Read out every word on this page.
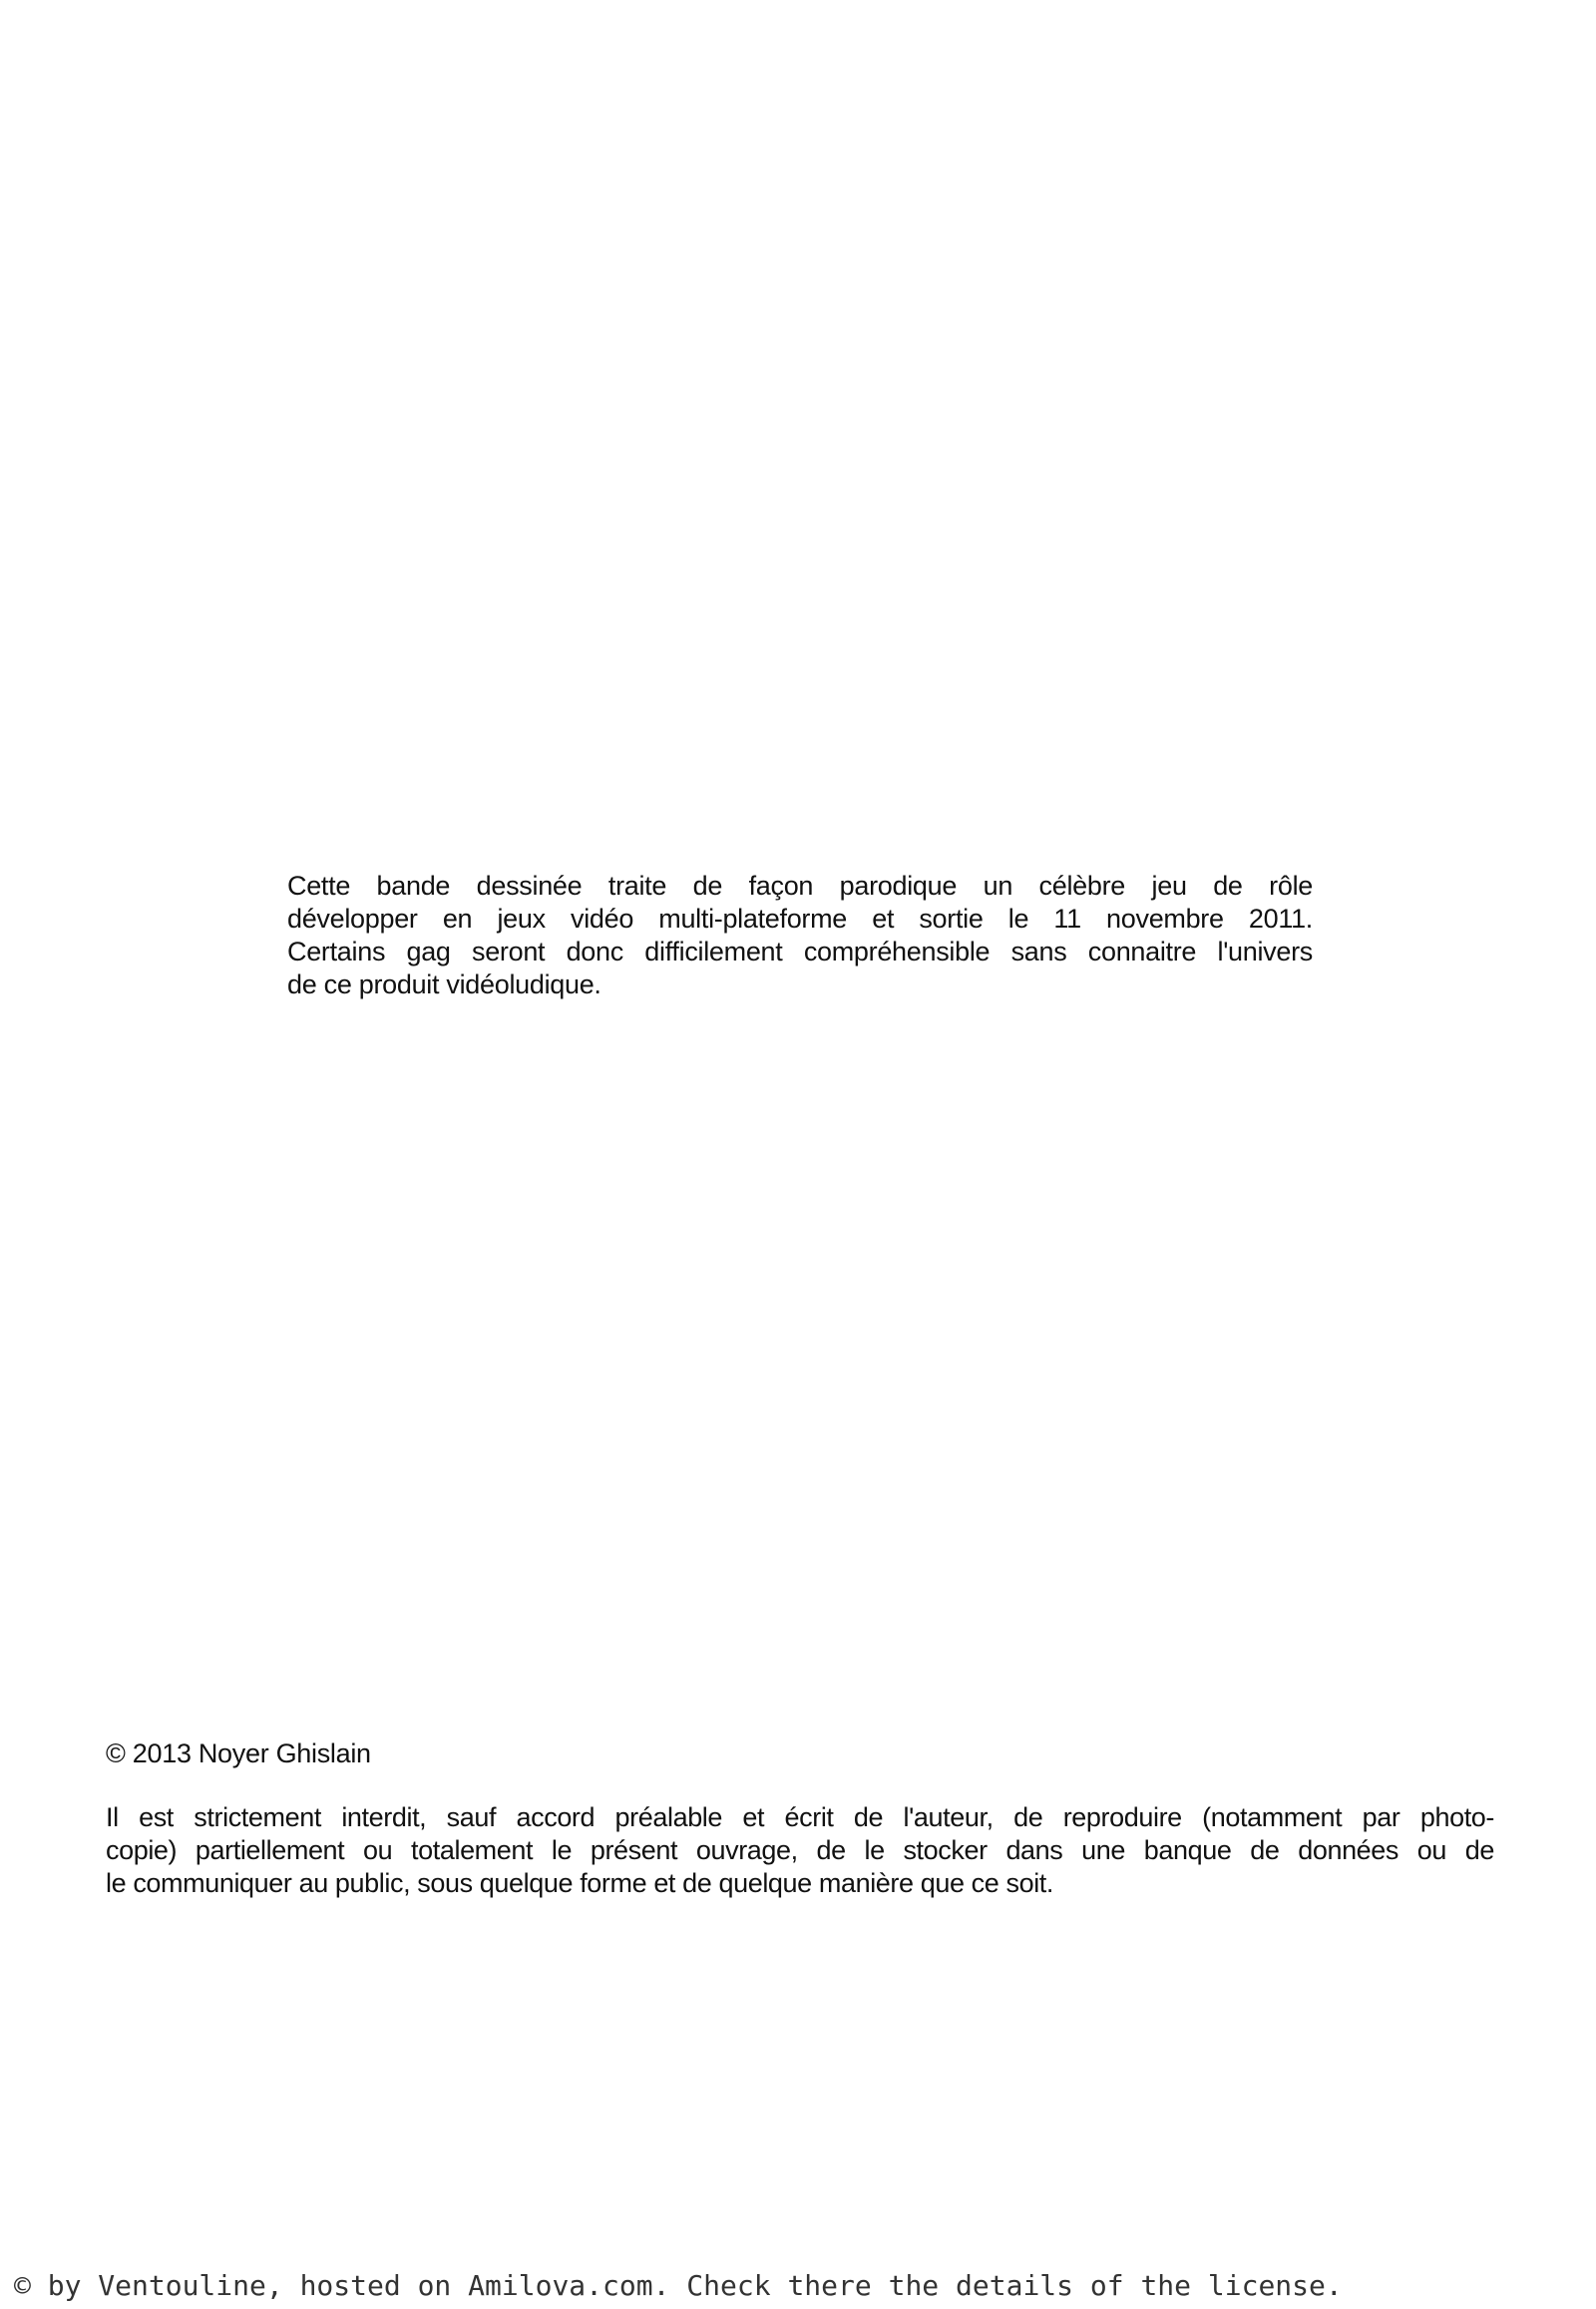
Cette bande dessinée traite de façon parodique un célèbre jeu de rôle
développer en jeux vidéo multi-plateforme et sortie le 11 novembre 2011.
Certains gag seront donc difficilement compréhensible sans connaitre l'univers
de ce produit vidéoludique.

© 2013 Noyer Ghislain

Il est strictement interdit, sauf accord préalable et écrit de l'auteur, de reproduire (notamment par photo-
copie) partiellement ou totalement le présent ouvrage, de le stocker dans une banque de données ou de
le communiquer au public, sous quelque forme et de quelque manière que ce soit.

© by Ventouline, hosted on Amilova.com. Check there the details of the license.
